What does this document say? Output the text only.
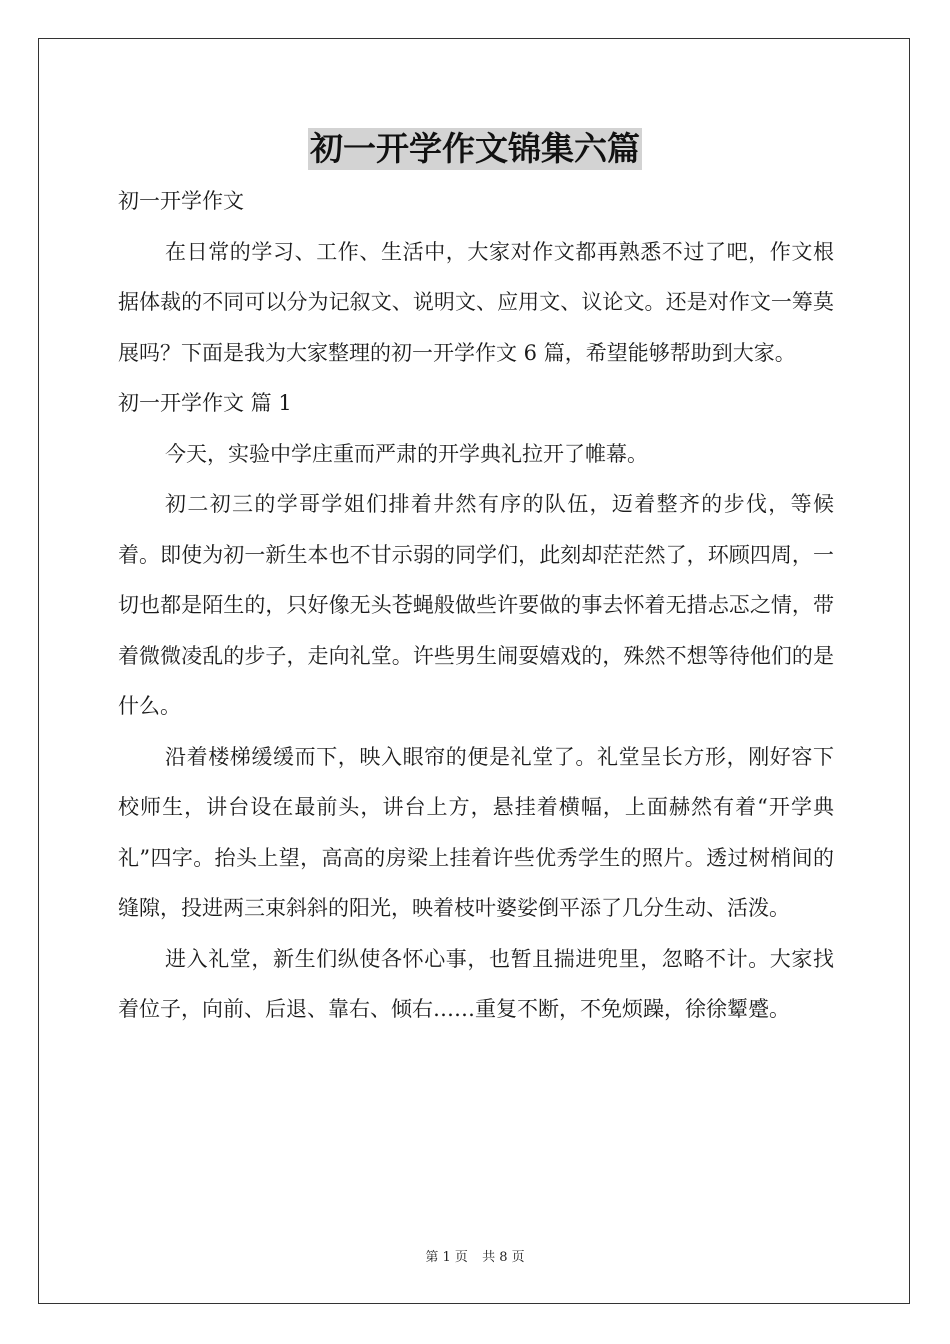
初一开学作文锦集六篇

初一开学作文

在日常的学习、工作、生活中，大家对作文都再熟悉不过了吧，作文根据体裁的不同可以分为记叙文、说明文、应用文、议论文。还是对作文一筹莫展吗？下面是我为大家整理的初一开学作文 6 篇，希望能够帮助到大家。

初一开学作文 篇 1

今天，实验中学庄重而严肃的开学典礼拉开了帷幕。

初二初三的学哥学姐们排着井然有序的队伍，迈着整齐的步伐，等候着。即使为初一新生本也不甘示弱的同学们，此刻却茫茫然了，环顾四周，一切也都是陌生的，只好像无头苍蝇般做些许要做的事去怀着无措忐忑之情，带着微微凌乱的步子，走向礼堂。许些男生闹耍嬉戏的，殊然不想等待他们的是什么。

沿着楼梯缓缓而下，映入眼帘的便是礼堂了。礼堂呈长方形，刚好容下校师生，讲台设在最前头，讲台上方，悬挂着横幅，上面赫然有着“开学典礼”四字。抬头上望，高高的房梁上挂着许些优秀学生的照片。透过树梢间的缝隙，投进两三束斜斜的阳光，映着枝叶婆娑倒平添了几分生动、活泼。

进入礼堂，新生们纵使各怀心事，也暂且揣进兜里，忽略不计。大家找着位子，向前、后退、靠右、倾右……重复不断，不免烦躁，徐徐颦蹙。

第 1 页 共 8 页
